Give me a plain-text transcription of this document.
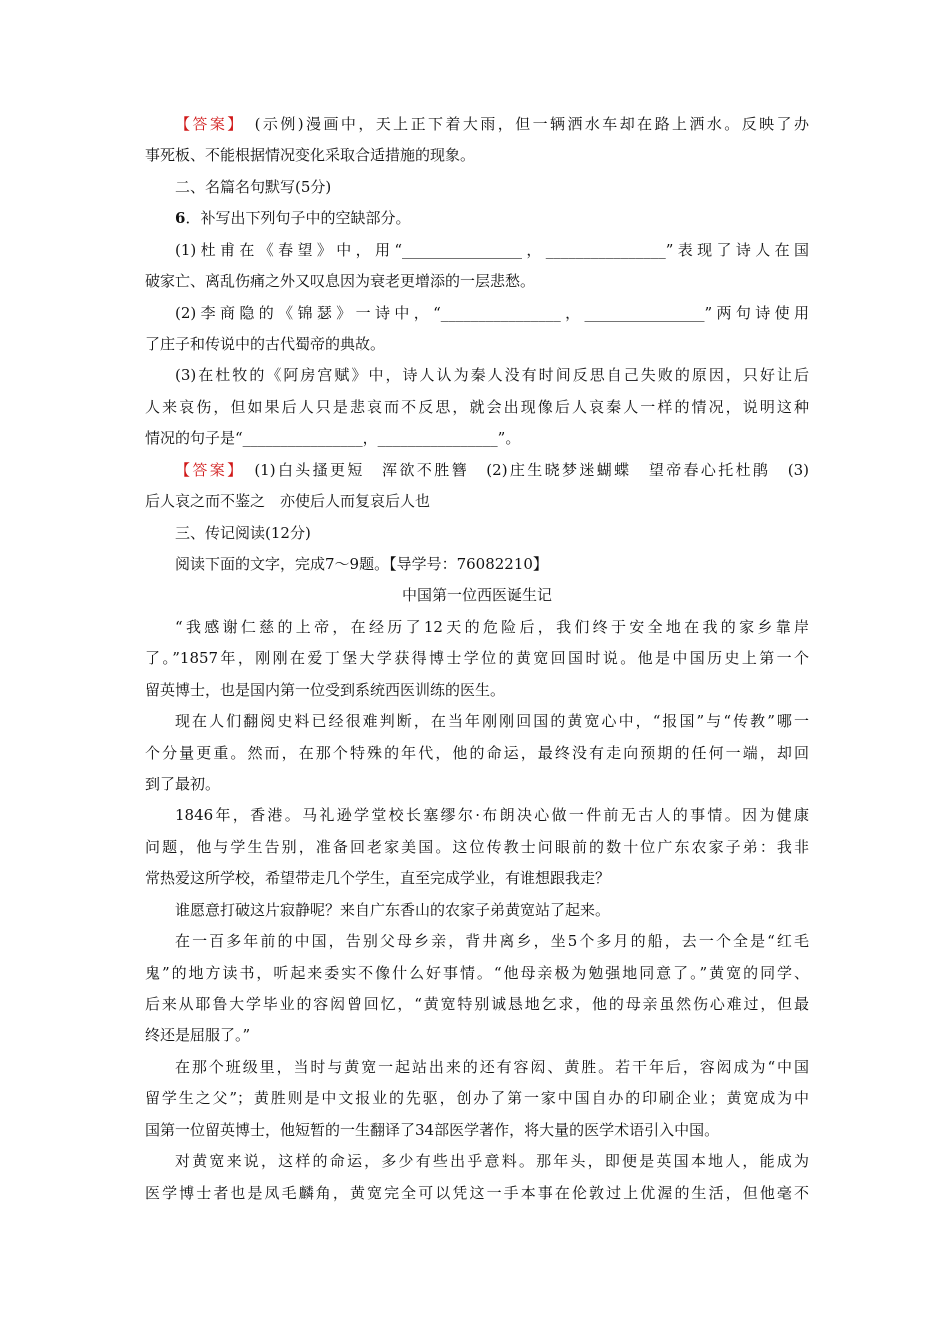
【答案】　(示例)漫画中，天上正下着大雨，但一辆洒水车却在路上洒水。反映了办
事死板、不能根据情况变化采取合适措施的现象。
二、名篇名句默写(5分)
6．补写出下列句子中的空缺部分。
(1)杜甫在《春望》中，用“________________，________________”表现了诗人在国
破家亡、离乱伤痛之外又叹息因为衰老更增添的一层悲愁。
(2)李商隐的《锦瑟》一诗中，“________________，________________”两句诗使用
了庄子和传说中的古代蜀帝的典故。
(3)在杜牧的《阿房宫赋》中，诗人认为秦人没有时间反思自己失败的原因，只好让后
人来哀伤，但如果后人只是悲哀而不反思，就会出现像后人哀秦人一样的情况，说明这种
情况的句子是“________________，________________”。
【答案】　(1)白头搔更短　浑欲不胜簪　(2)庄生晓梦迷蝴蝶　望帝春心托杜鹃　(3)
后人哀之而不鉴之　亦使后人而复哀后人也
三、传记阅读(12分)
阅读下面的文字，完成7～9题。【导学号：76082210】
中国第一位西医诞生记
“我感谢仁慈的上帝，在经历了12天的危险后，我们终于安全地在我的家乡靠岸
了。”1857年，刚刚在爱丁堡大学获得博士学位的黄宽回国时说。他是中国历史上第一个
留英博士，也是国内第一位受到系统西医训练的医生。
现在人们翻阅史料已经很难判断，在当年刚刚回国的黄宽心中，“报国”与“传教”哪一
个分量更重。然而，在那个特殊的年代，他的命运，最终没有走向预期的任何一端，却回
到了最初。
1846年，香港。马礼逊学堂校长塞缪尔·布朗决心做一件前无古人的事情。因为健康
问题，他与学生告别，准备回老家美国。这位传教士问眼前的数十位广东农家子弟：我非
常热爱这所学校，希望带走几个学生，直至完成学业，有谁想跟我走？
谁愿意打破这片寂静呢？来自广东香山的农家子弟黄宽站了起来。
在一百多年前的中国，告别父母乡亲，背井离乡，坐5个多月的船，去一个全是“红毛
鬼”的地方读书，听起来委实不像什么好事情。“他母亲极为勉强地同意了。”黄宽的同学、
后来从耶鲁大学毕业的容闳曾回忆，“黄宽特别诚恳地乞求，他的母亲虽然伤心难过，但最
终还是屈服了。”
在那个班级里，当时与黄宽一起站出来的还有容闳、黄胜。若干年后，容闳成为“中国
留学生之父”；黄胜则是中文报业的先驱，创办了第一家中国自办的印刷企业；黄宽成为中
国第一位留英博士，他短暂的一生翻译了34部医学著作，将大量的医学术语引入中国。
对黄宽来说，这样的命运，多少有些出乎意料。那年头，即便是英国本地人，能成为
医学博士者也是凤毛麟角，黄宽完全可以凭这一手本事在伦敦过上优渥的生活，但他毫不
